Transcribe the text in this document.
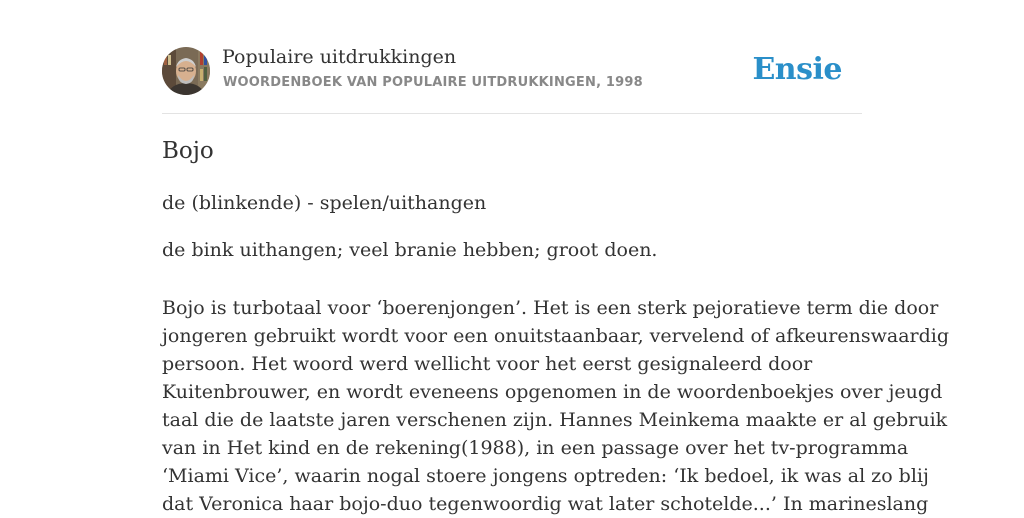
Populaire uitdrukkingen
WOORDENBOEK VAN POPULAIRE UITDRUKKINGEN, 1998	Ensie
Bojo
de (blinkende) - spelen/uithangen
de bink uithangen; veel branie hebben; groot doen.
Bojo is turbotaal voor ‘boerenjongen’. Het is een sterk pejoratieve term die door
jongeren gebruikt wordt voor een onuitstaanbaar, vervelend of afkeurenswaardig
persoon. Het woord werd wellicht voor het eerst gesignaleerd door
Kuitenbrouwer, en wordt eveneens opgenomen in de woordenboekjes over jeugd
taal die de laatste jaren verschenen zijn. Hannes Meinkema maakte er al gebruik
van in Het kind en de rekening(1988), in een passage over het tv-programma
‘Miami Vice’, waarin nogal stoere jongens optreden: ‘Ik bedoel, ik was al zo blij
dat Veronica haar bojo-duo tegenwoordig wat later schotelde...’ In marineslang
